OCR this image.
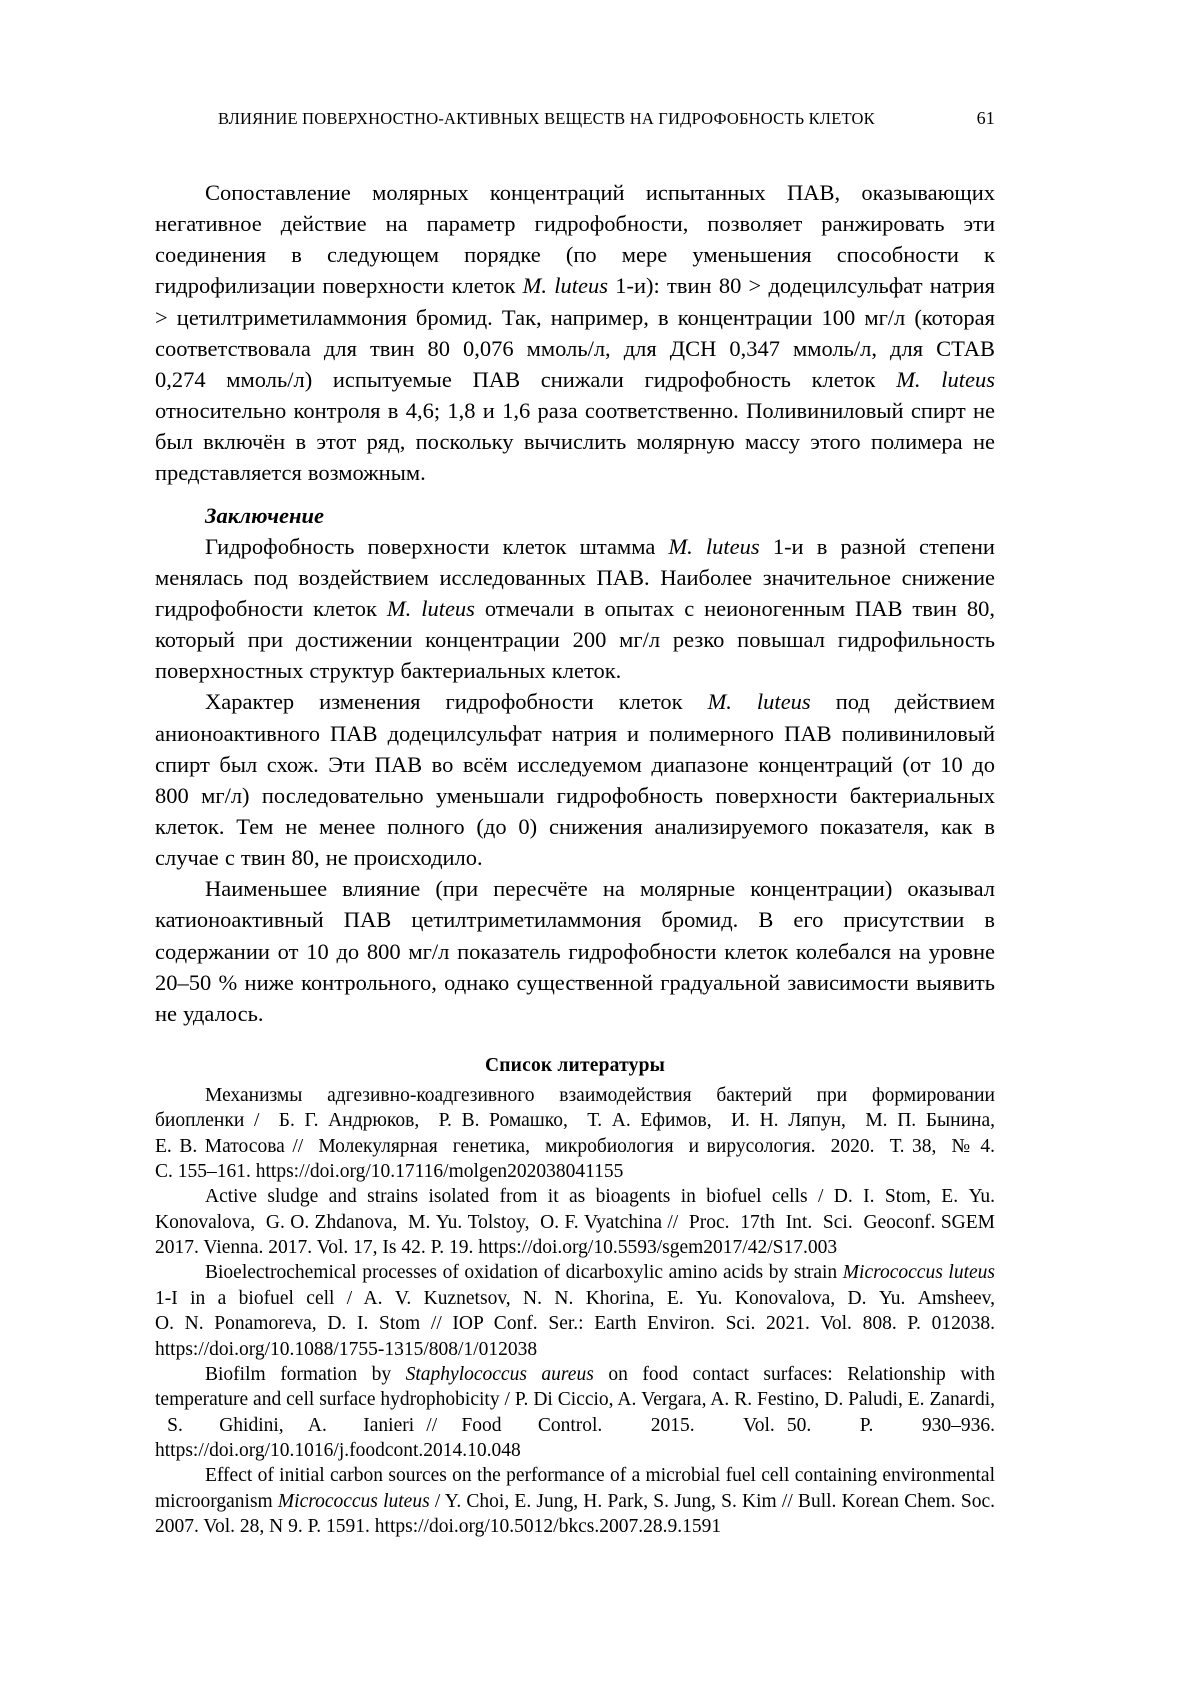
ВЛИЯНИЕ ПОВЕРХНОСТНО-АКТИВНЫХ ВЕЩЕСТВ НА ГИДРОФОБНОСТЬ КЛЕТОК	61

Сопоставление молярных концентраций испытанных ПАВ, оказывающих негативное действие на параметр гидрофобности, позволяет ранжировать эти соединения в следующем порядке (по мере уменьшения способности к гидрофилизации поверхности клеток M. luteus 1-и): твин 80 > додецилсульфат натрия > цетилтриметиламмония бромид. Так, например, в концентрации 100 мг/л (которая соответствовала для твин 80 0,076 ммоль/л, для ДСН 0,347 ммоль/л, для СТАВ 0,274 ммоль/л) испытуемые ПАВ снижали гидрофобность клеток M. luteus относительно контроля в 4,6; 1,8 и 1,6 раза соответственно. Поливиниловый спирт не был включён в этот ряд, поскольку вычислить молярную массу этого полимера не представляется возможным.

Заключение

Гидрофобность поверхности клеток штамма M. luteus 1-и в разной степени менялась под воздействием исследованных ПАВ. Наиболее значительное снижение гидрофобности клеток M. luteus отмечали в опытах с неионогенным ПАВ твин 80, который при достижении концентрации 200 мг/л резко повышал гидрофильность поверхностных структур бактериальных клеток.

Характер изменения гидрофобности клеток M. luteus под действием анионоактивного ПАВ додецилсульфат натрия и полимерного ПАВ поливиниловый спирт был схож. Эти ПАВ во всём исследуемом диапазоне концентраций (от 10 до 800 мг/л) последовательно уменьшали гидрофобность поверхности бактериальных клеток. Тем не менее полного (до 0) снижения анализируемого показателя, как в случае с твин 80, не происходило.

Наименьшее влияние (при пересчёте на молярные концентрации) оказывал катионоактивный ПАВ цетилтриметиламмония бромид. В его присутствии в содержании от 10 до 800 мг/л показатель гидрофобности клеток колебался на уровне 20–50 % ниже контрольного, однако существенной градуальной зависимости выявить не удалось.

Список литературы

Механизмы адгезивно-коадгезивного взаимодействия бактерий при формировании биопленки /  Б. Г. Андрюков,  Р. В. Ромашко,  Т. А. Ефимов,  И. Н. Ляпун,  М. П. Бынина, Е. В. Матосова //  Молекулярная  генетика,  микробиология  и вирусология.  2020.  Т. 38,  № 4. С. 155–161. https://doi.org/10.17116/molgen202038041155

Active sludge and strains isolated from it as bioagents in biofuel cells / D. I. Stom, E. Yu. Konovalova,  G. O. Zhdanova,  M. Yu. Tolstoy,  O. F. Vyatchina //  Proc.  17th  Int.  Sci.  Geoconf. SGEM 2017. Vienna. 2017. Vol. 17, Is 42. P. 19. https://doi.org/10.5593/sgem2017/42/S17.003

Bioelectrochemical processes of oxidation of dicarboxylic amino acids by strain Micrococcus luteus 1-I in a biofuel cell / A. V. Kuznetsov, N. N. Khorina, E. Yu. Konovalova, D. Yu. Amsheev, O. N. Ponamoreva, D. I. Stom // IOP Conf. Ser.: Earth Environ. Sci. 2021. Vol. 808. P. 012038. https://doi.org/10.1088/1755-1315/808/1/012038

Biofilm formation by Staphylococcus aureus on food contact surfaces: Relationship with temperature and cell surface hydrophobicity / P. Di Ciccio, A. Vergara, A. R. Festino, D. Paludi, E. Zanardi,  S.   Ghidini,  A.   Ianieri //  Food   Control.    2015.    Vol. 50.    P.    930–936. https://doi.org/10.1016/j.foodcont.2014.10.048

Effect of initial carbon sources on the performance of a microbial fuel cell containing environmental microorganism Micrococcus luteus / Y. Choi, E. Jung, H. Park, S. Jung, S. Kim // Bull. Korean Chem. Soc. 2007. Vol. 28, N 9. P. 1591. https://doi.org/10.5012/bkcs.2007.28.9.1591
